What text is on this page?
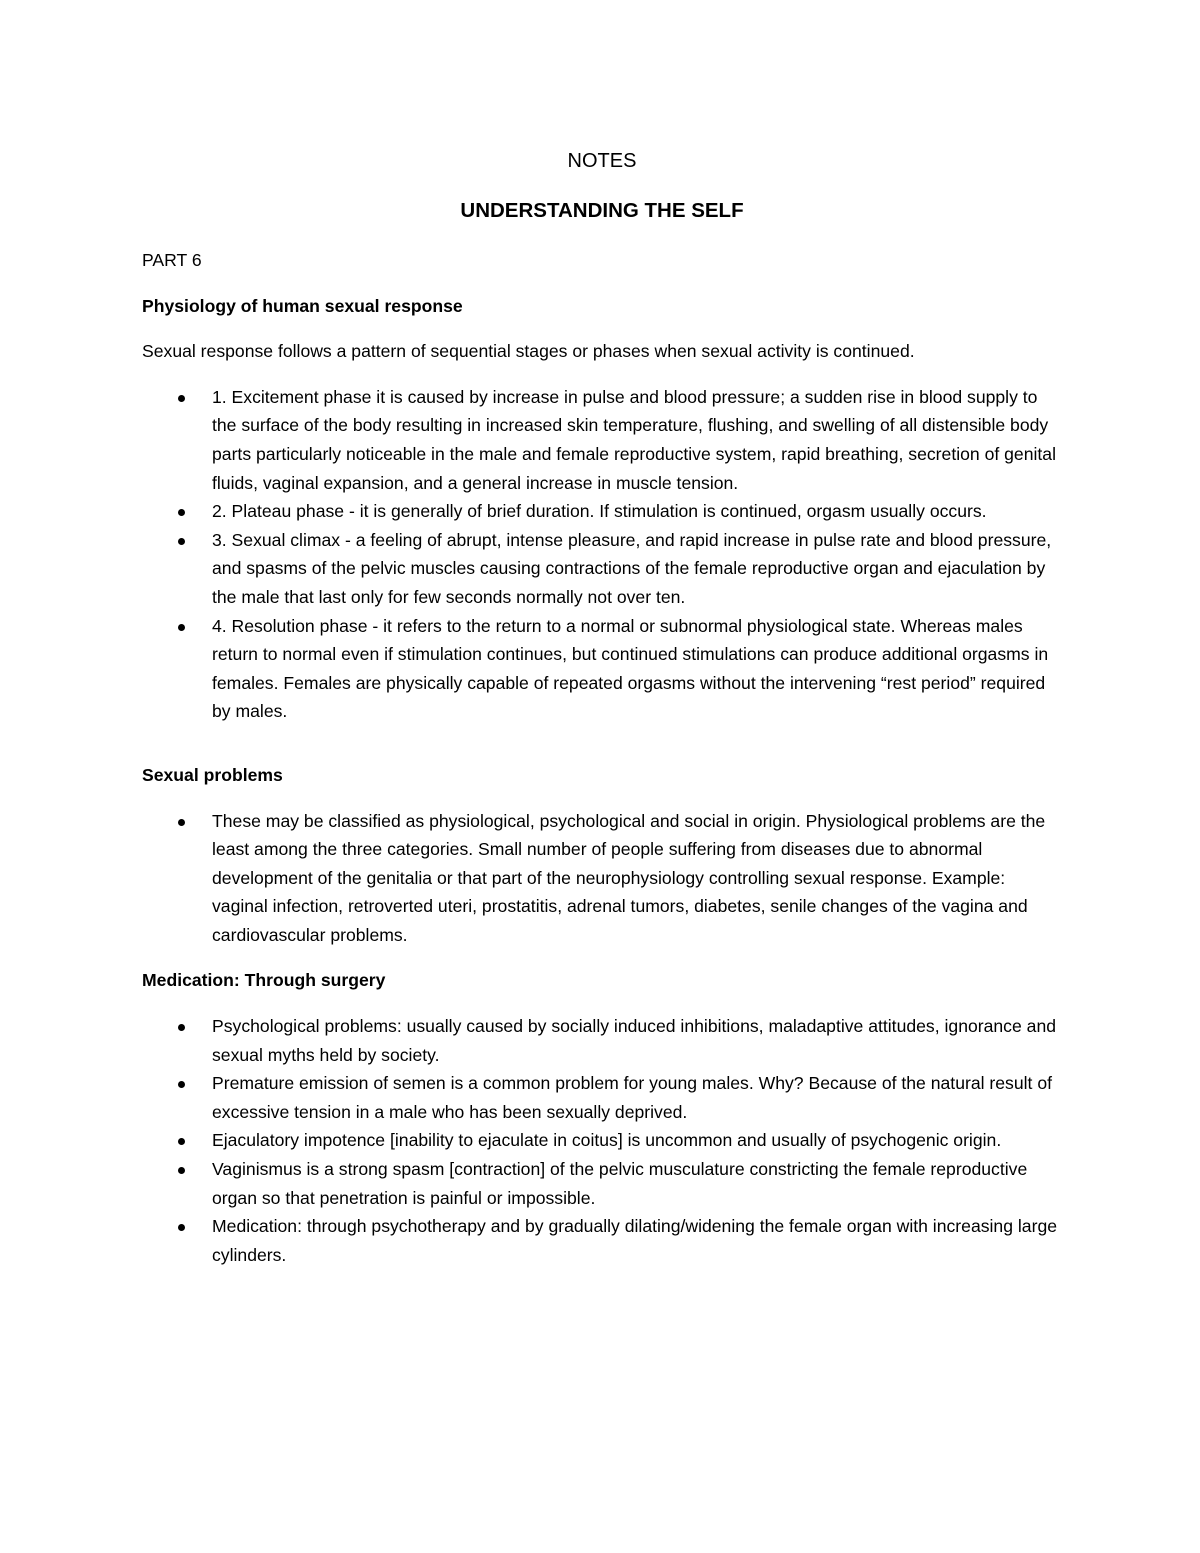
NOTES
UNDERSTANDING THE SELF
PART 6
Physiology of human sexual response
Sexual response follows a pattern of sequential stages or phases when sexual activity is continued.
1. Excitement phase it is caused by increase in pulse and blood pressure; a sudden rise in blood supply to the surface of the body resulting in increased skin temperature, flushing, and swelling of all distensible body parts particularly noticeable in the male and female reproductive system, rapid breathing, secretion of genital fluids, vaginal expansion, and a general increase in muscle tension.
2. Plateau phase - it is generally of brief duration. If stimulation is continued, orgasm usually occurs.
3. Sexual climax - a feeling of abrupt, intense pleasure, and rapid increase in pulse rate and blood pressure, and spasms of the pelvic muscles causing contractions of the female reproductive organ and ejaculation by the male that last only for few seconds normally not over ten.
4. Resolution phase - it refers to the return to a normal or subnormal physiological state. Whereas males return to normal even if stimulation continues, but continued stimulations can produce additional orgasms in females. Females are physically capable of repeated orgasms without the intervening “rest period” required by males.
Sexual problems
These may be classified as physiological, psychological and social in origin. Physiological problems are the least among the three categories. Small number of people suffering from diseases due to abnormal development of the genitalia or that part of the neurophysiology controlling sexual response. Example: vaginal infection, retroverted uteri, prostatitis, adrenal tumors, diabetes, senile changes of the vagina and cardiovascular problems.
Medication: Through surgery
Psychological problems: usually caused by socially induced inhibitions, maladaptive attitudes, ignorance and sexual myths held by society.
Premature emission of semen is a common problem for young males. Why? Because of the natural result of excessive tension in a male who has been sexually deprived.
Ejaculatory impotence [inability to ejaculate in coitus] is uncommon and usually of psychogenic origin.
Vaginismus is a strong spasm [contraction] of the pelvic musculature constricting the female reproductive organ so that penetration is painful or impossible.
Medication: through psychotherapy and by gradually dilating/widening the female organ with increasing large cylinders.
